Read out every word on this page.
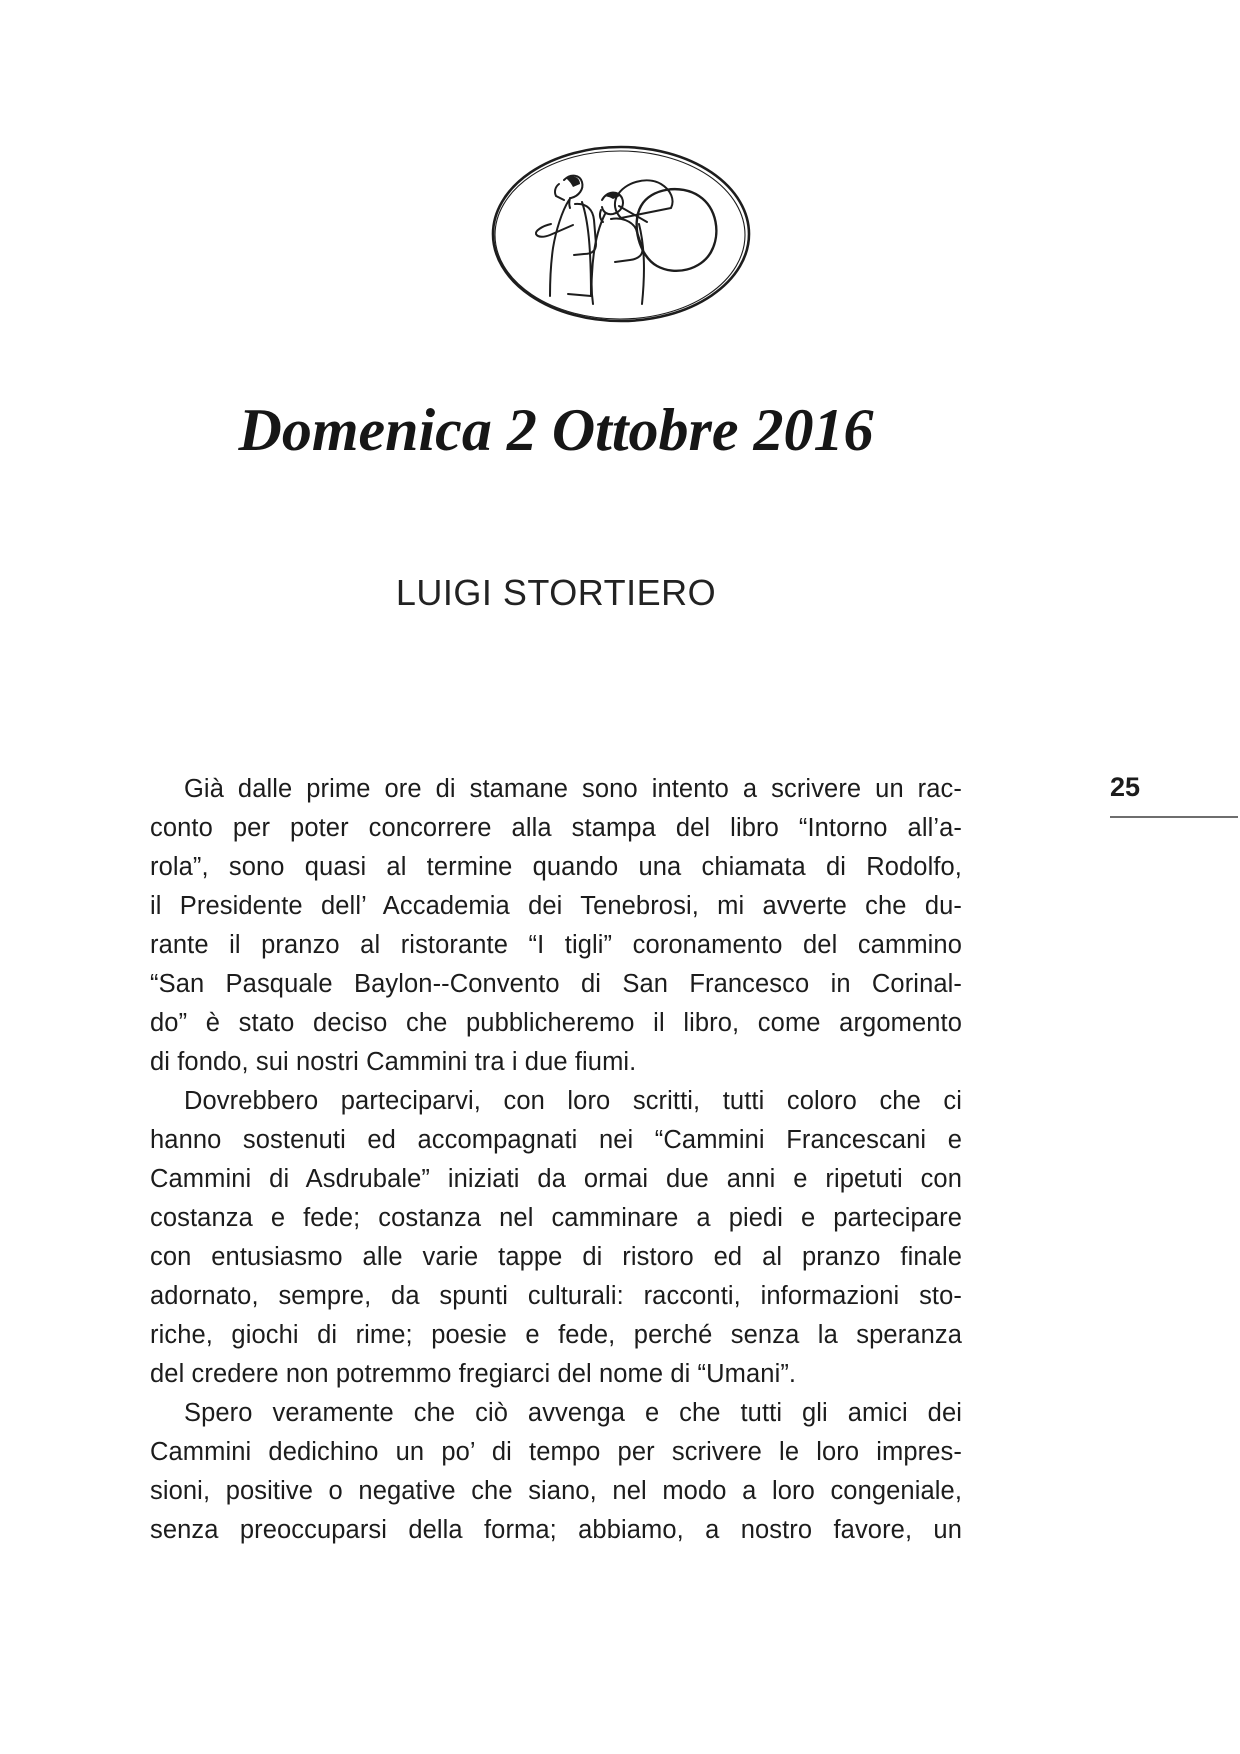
Domenica 2 Ottobre 2016
LUIGI STORTIERO
Già dalle prime ore di stamane sono intento a scrivere un rac-
conto per poter concorrere alla stampa del libro “Intorno all’a-
rola”, sono quasi al termine quando una chiamata di Rodolfo,
il Presidente dell’ Accademia dei Tenebrosi, mi avverte che du-
rante il pranzo al ristorante “I tigli” coronamento del cammino
“San Pasquale Baylon--Convento di San Francesco in Corinal-
do” è stato deciso che pubblicheremo il libro, come argomento
di fondo, sui nostri Cammini tra i due fiumi.
Dovrebbero parteciparvi, con loro scritti, tutti coloro che ci
hanno sostenuti ed accompagnati nei “Cammini Francescani e
Cammini di Asdrubale” iniziati da ormai due anni e ripetuti con
costanza e fede; costanza nel camminare a piedi e partecipare
con entusiasmo alle varie tappe di ristoro ed al pranzo finale
adornato, sempre, da spunti culturali: racconti, informazioni sto-
riche, giochi di rime; poesie e fede, perché senza la speranza
del credere non potremmo fregiarci del nome di “Umani”.
Spero veramente che ciò avvenga e che tutti gli amici dei
Cammini dedichino un po’ di tempo per scrivere le loro impres-
sioni, positive o negative che siano, nel modo a loro congeniale,
senza preoccuparsi della forma; abbiamo, a nostro favore, un
25
